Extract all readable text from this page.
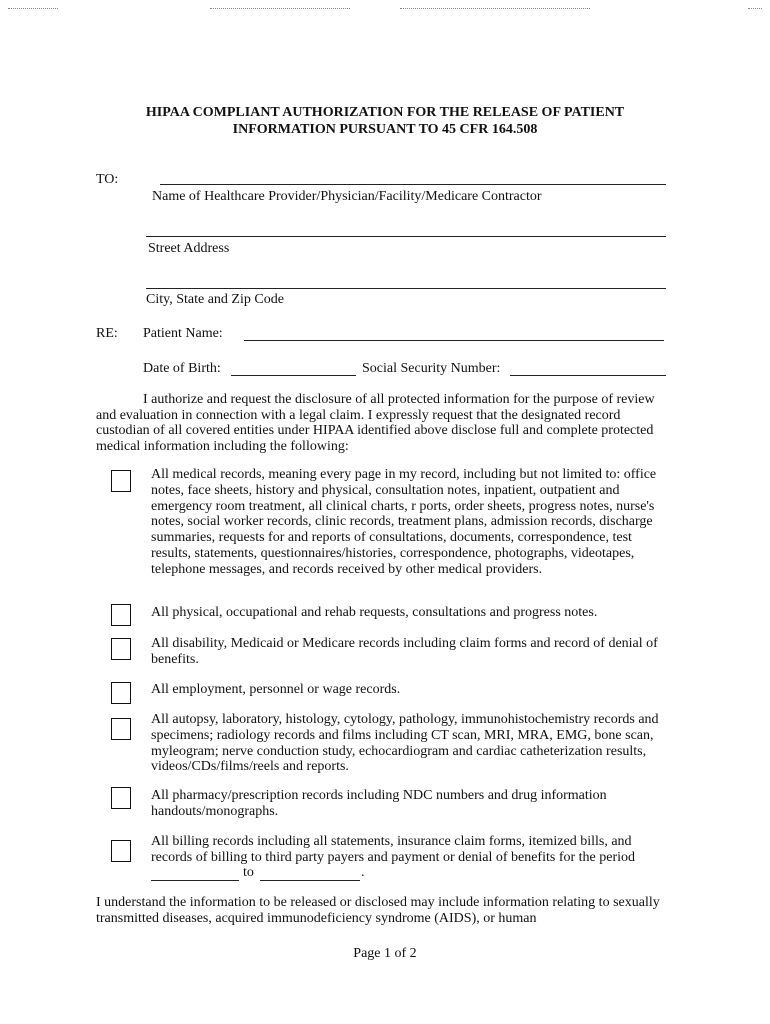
HIPAA COMPLIANT AUTHORIZATION FOR THE RELEASE OF PATIENT
INFORMATION PURSUANT TO 45 CFR 164.508
TO:
Name of Healthcare Provider/Physician/Facility/Medicare Contractor
Street Address
City, State and Zip Code
RE: Patient Name:
Date of Birth:	Social Security Number:
I authorize and request the disclosure of all protected information for the purpose of review and evaluation in connection with a legal claim. I expressly request that the designated record custodian of all covered entities under HIPAA identified above disclose full and complete protected medical information including the following:
All medical records, meaning every page in my record, including but not limited to: office notes, face sheets, history and physical, consultation notes, inpatient, outpatient and emergency room treatment, all clinical charts, r ports, order sheets, progress notes, nurse's notes, social worker records, clinic records, treatment plans, admission records, discharge summaries, requests for and reports of consultations, documents, correspondence, test results, statements, questionnaires/histories, correspondence, photographs, videotapes, telephone messages, and records received by other medical providers.
All physical, occupational and rehab requests, consultations and progress notes.
All disability, Medicaid or Medicare records including claim forms and record of denial of benefits.
All employment, personnel or wage records.
All autopsy, laboratory, histology, cytology, pathology, immunohistochemistry records and specimens; radiology records and films including CT scan, MRI, MRA, EMG, bone scan, myleogram; nerve conduction study, echocardiogram and cardiac catheterization results, videos/CDs/films/reels and reports.
All pharmacy/prescription records including NDC numbers and drug information handouts/monographs.
All billing records including all statements, insurance claim forms, itemized bills, and records of billing to third party payers and payment or denial of benefits for the period
to	.
I understand the information to be released or disclosed may include information relating to sexually transmitted diseases, acquired immunodeficiency syndrome (AIDS), or human
Page 1 of 2
